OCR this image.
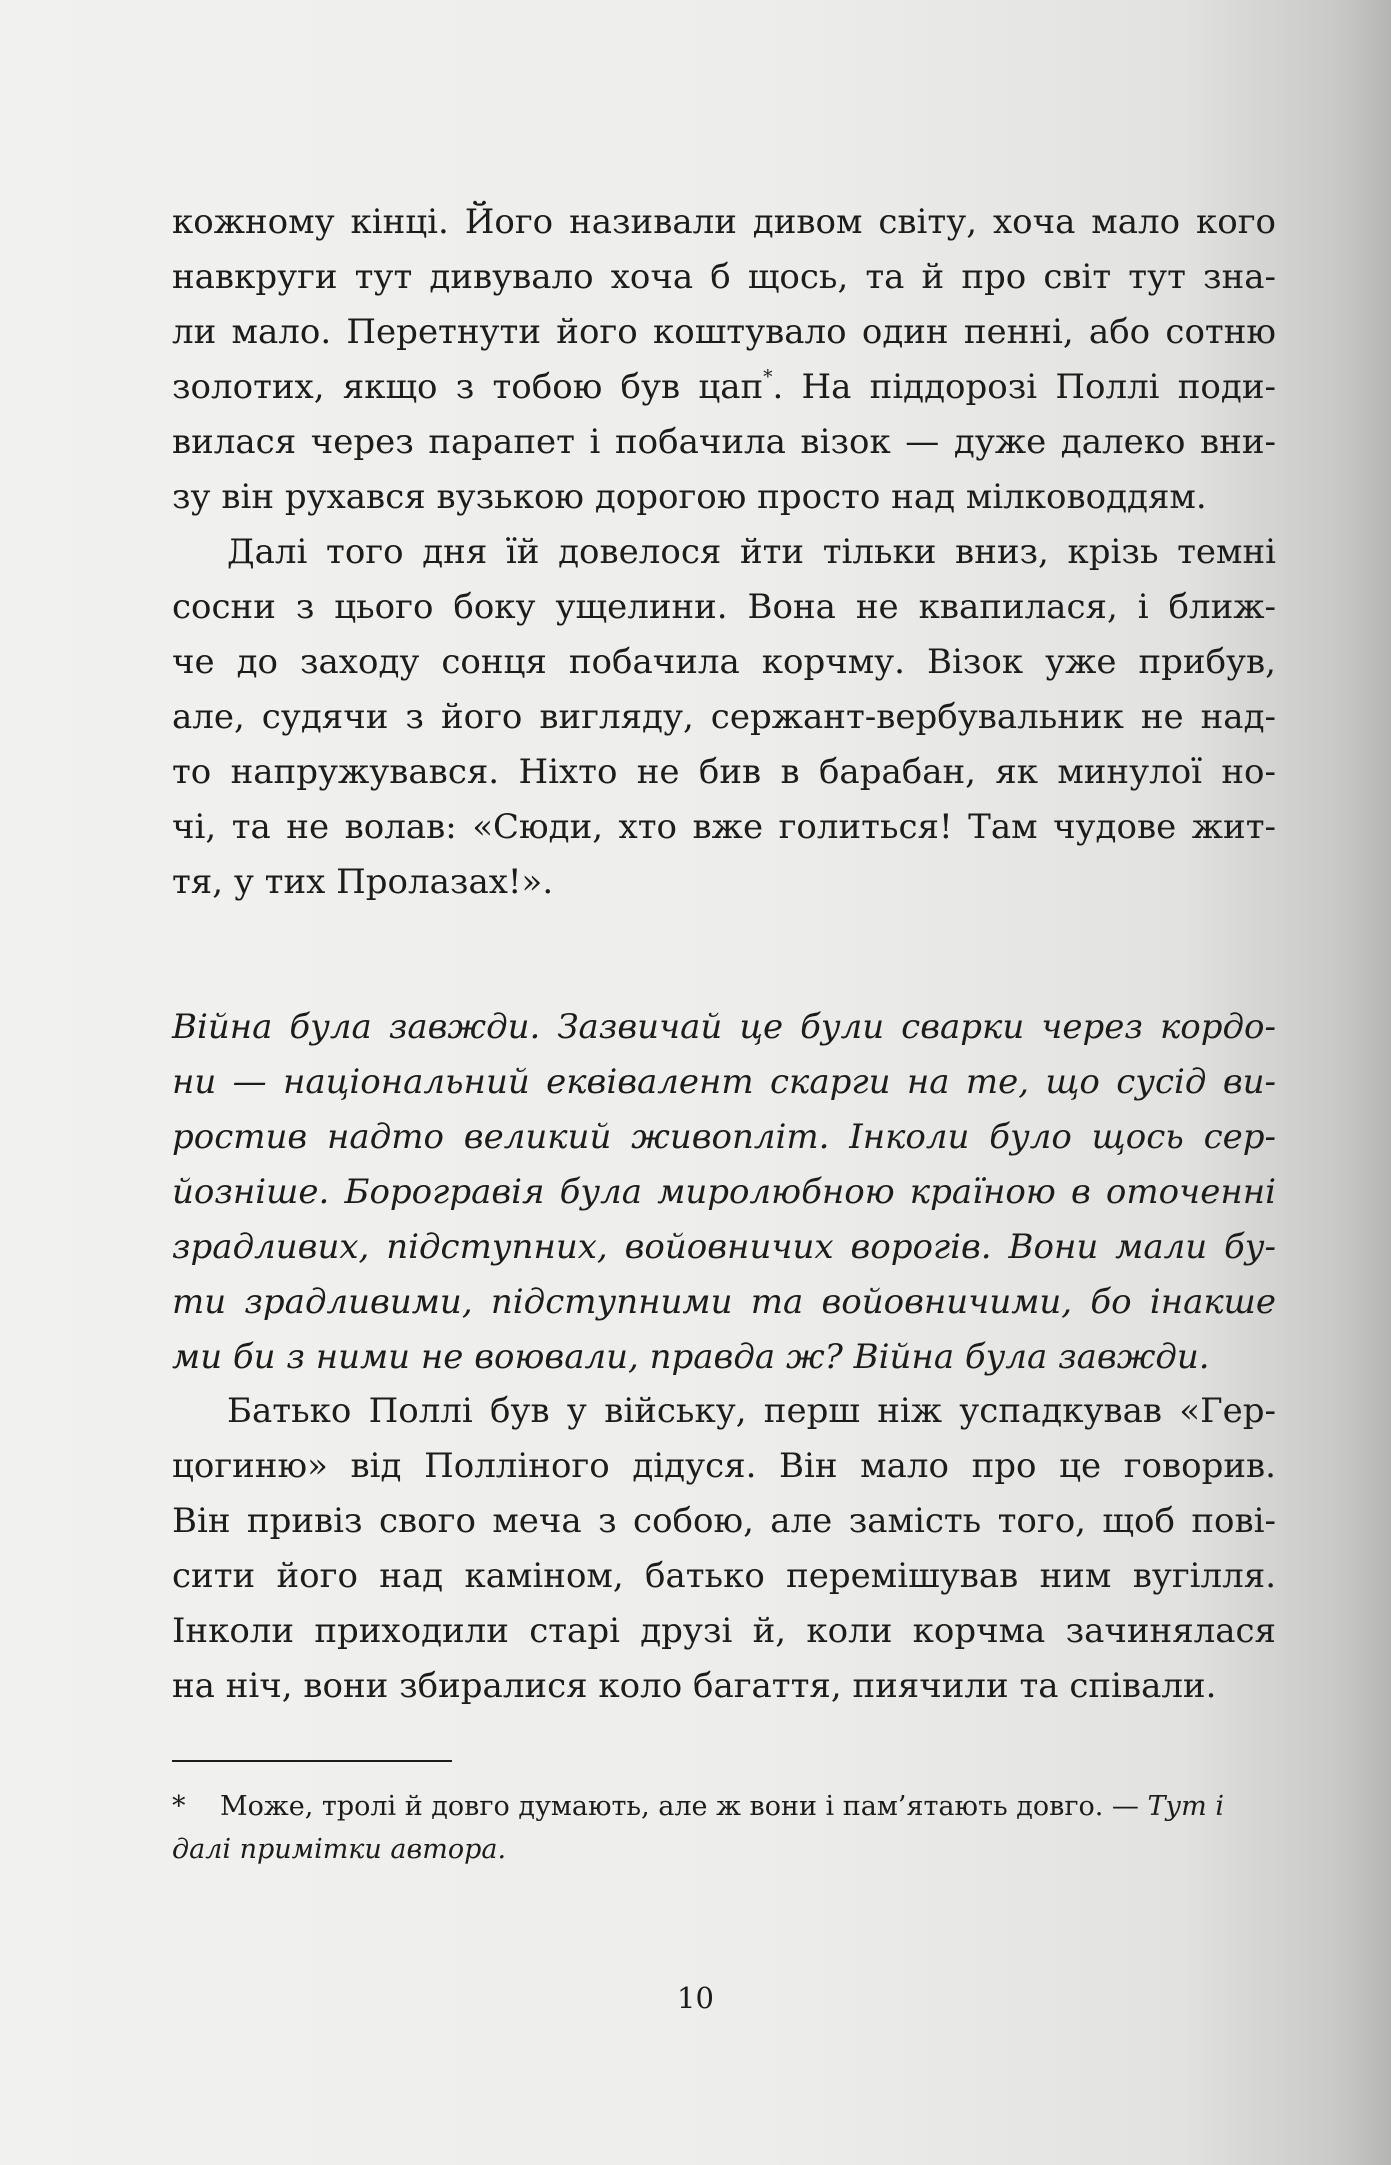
кожному кінці. Його називали дивом світу, хоча мало кого
навкруги тут дивувало хоча б щось, та й про світ тут зна-
ли мало. Перетнути його коштувало один пенні, або сотню
золотих, якщо з тобою був цап*. На піддорозі Поллі поди-
вилася через парапет і побачила візок — дуже далеко вни-
зу він рухався вузькою дорогою просто над мілководдям.
Далі того дня їй довелося йти тільки вниз, крізь темні
сосни з цього боку ущелини. Вона не квапилася, і ближ-
че до заходу сонця побачила корчму. Візок уже прибув,
але, судячи з його вигляду, сержант-вербувальник не над-
то напружувався. Ніхто не бив в барабан, як минулої но-
чі, та не волав: «Сюди, хто вже голиться! Там чудове жит-
тя, у тих Пролазах!».

Війна була завжди. Зазвичай це були сварки через кордо-
ни — національний еквівалент скарги на те, що сусід ви-
ростив надто великий живопліт. Інколи було щось сер-
йозніше. Борогравія була миролюбною країною в оточенні
зрадливих, підступних, войовничих ворогів. Вони мали бу-
ти зрадливими, підступними та войовничими, бо інакше
ми би з ними не воювали, правда ж? Війна була завжди.

Батько Поллі був у війську, перш ніж успадкував «Гер-
цогиню» від Полліного дідуся. Він мало про це говорив.
Він привіз свого меча з собою, але замість того, щоб пові-
сити його над каміном, батько перемішував ним вугілля.
Інколи приходили старі друзі й, коли корчма зачинялася
на ніч, вони збиралися коло багаття, пиячили та співали.

* Може, тролі й довго думають, але ж вони і пам’ятають довго. — Тут і далі примітки автора.

10
